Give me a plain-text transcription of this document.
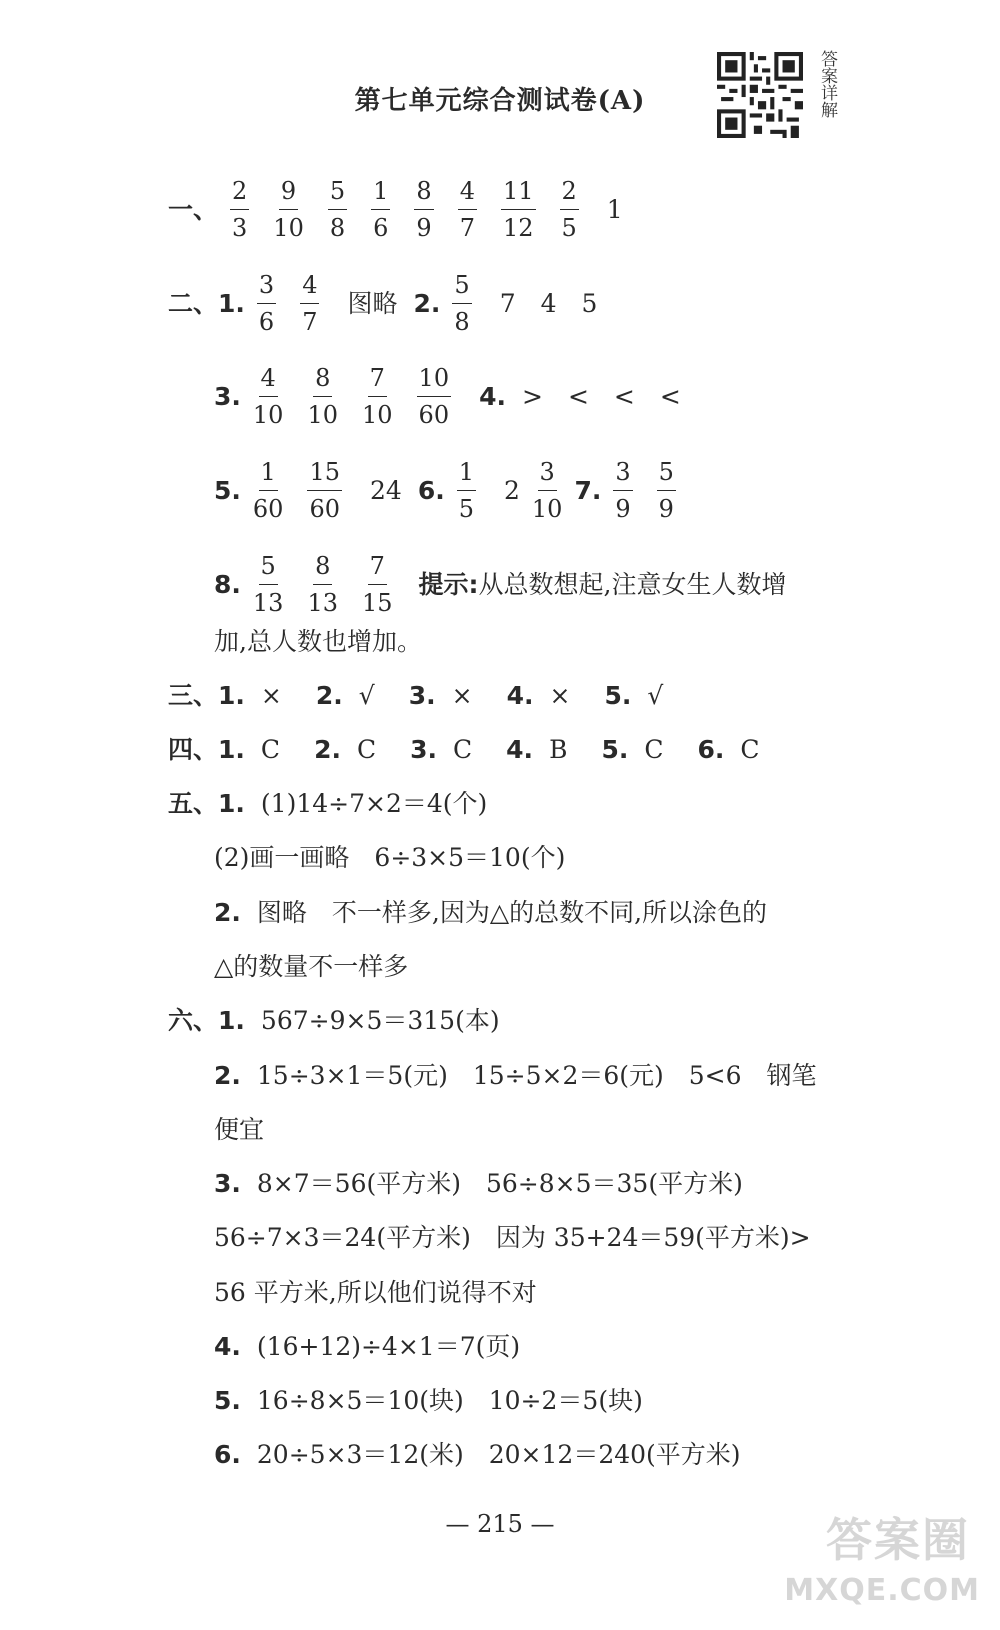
第七单元综合测试卷(A)	答案详解
一、 $\frac{2}{3} \frac{9}{10} \frac{5}{8} \frac{1}{6} \frac{8}{9} \frac{4}{7} \frac{11}{12} \frac{2}{5} 1$
二、 1. $\frac{3}{6} \frac{4}{7}$ 图略 2. $\frac{5}{8} 7$　4　5
3. $\frac{4}{10} \frac{8}{10} \frac{7}{10} \frac{10}{60} 4$. >　<　<　<
5. $\frac{1}{60} \frac{15}{60} 24$ 6. $\frac{1}{5} 2 \frac{3}{10} 7$. $\frac{3}{9} \frac{5}{9}$
8. $\frac{5}{13} \frac{8}{13} \frac{7}{15}$ 提示: 从总数想起,注意女生人数增
加,总人数也增加。
三、 1. × 2. √ 3. × 4. × 5. √
四、 1. C 2. C 3. C 4. B 5. C 6. C
五、 1. (1)14÷7×2＝4(个)
(2)画一画略　6÷3×5＝10(个)
2. 图略　不一样多,因为△的总数不同,所以涂色的
△的数量不一样多
六、 1. 567÷9×5＝315(本)
2. 15÷3×1＝5(元)　15÷5×2＝6(元)　5<6　钢笔
便宜
3. 8×7＝56(平方米)　56÷8×5＝35(平方米)
56÷7×3＝24(平方米)　因为 35+24＝59(平方米)>
56 平方米,所以他们说得不对
4. (16+12)÷4×1＝7(页)
5. 16÷8×5＝10(块)　10÷2＝5(块)
6. 20÷5×3＝12(米)　20×12＝240(平方米)
— 215 —	答案圈
MXQE.COM
